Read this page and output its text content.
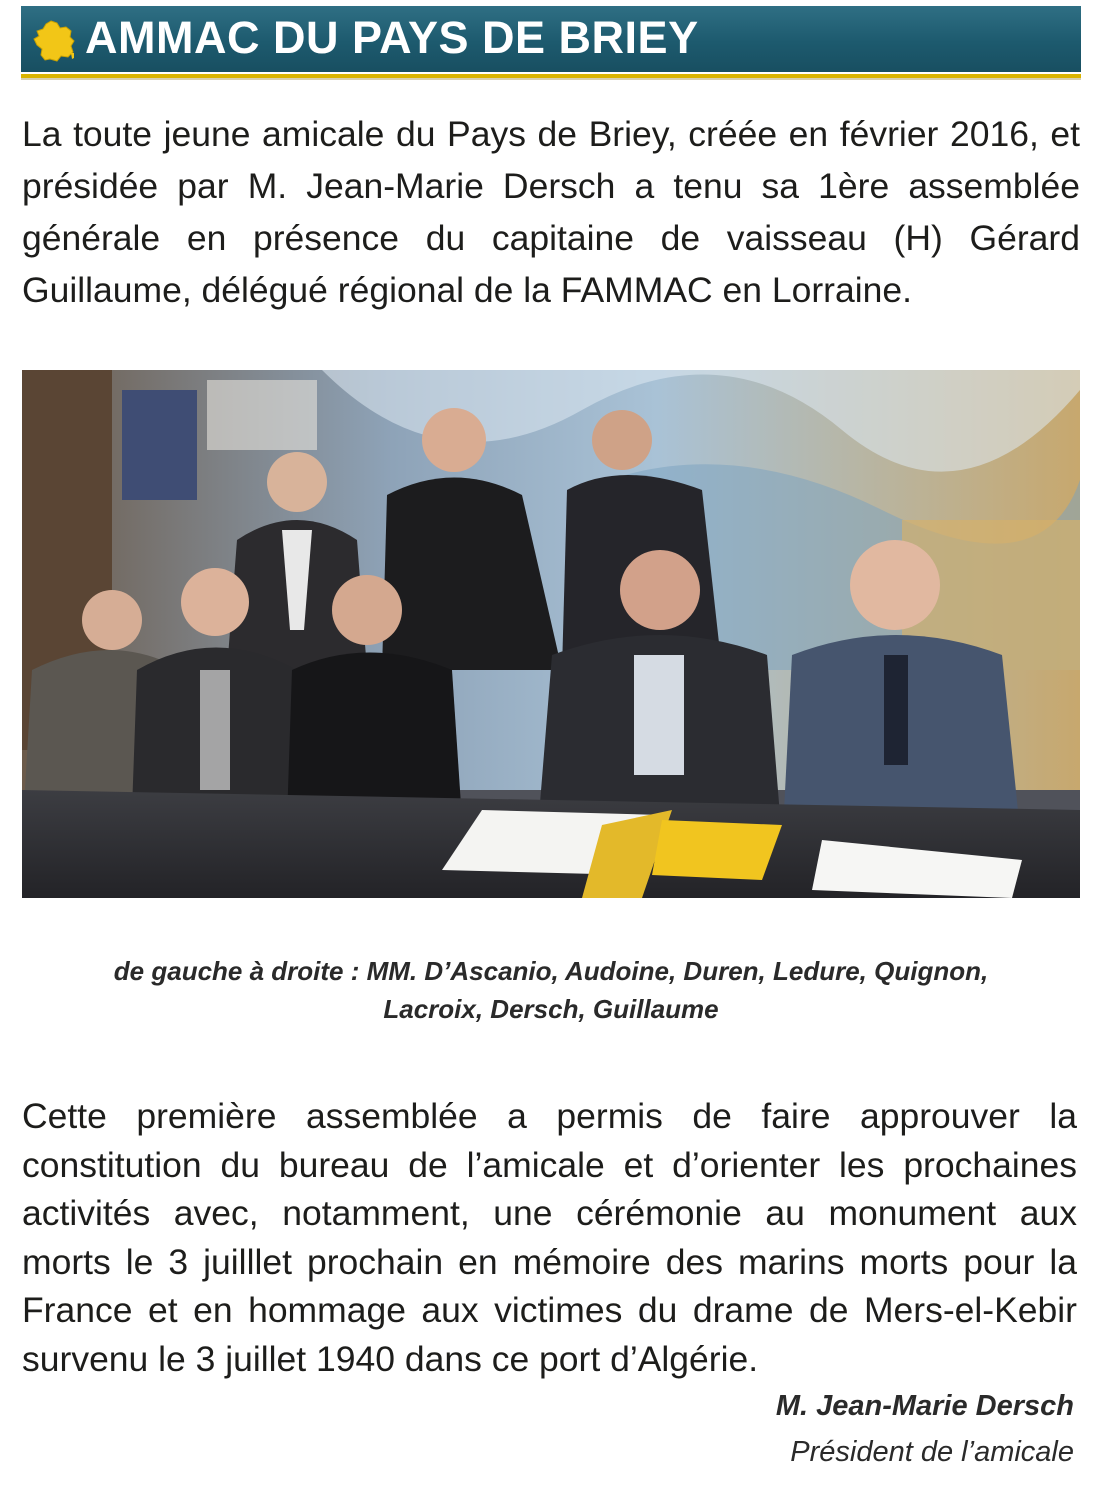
AMMAC DU PAYS DE BRIEY

La toute jeune amicale du Pays de Briey, créée en février 2016, et présidée par M. Jean-Marie Dersch a tenu sa 1ère assemblée générale en présence du capitaine de vaisseau (H) Gérard Guillaume, délégué régional de la FAMMAC en Lorraine.

de gauche à droite : MM. D’Ascanio, Audoine, Duren, Ledure, Quignon,
Lacroix, Dersch, Guillaume

Cette première assemblée a permis de faire approuver la constitution du bureau de l’amicale et d’orienter les prochaines activités avec, notamment, une cérémonie au monument aux morts le 3 juilllet prochain en mémoire des marins morts pour la France et en hommage aux victimes du drame de Mers-el-Kebir survenu le 3 juillet 1940 dans ce port d’Algérie.

M. Jean-Marie Dersch
Président de l’amicale
